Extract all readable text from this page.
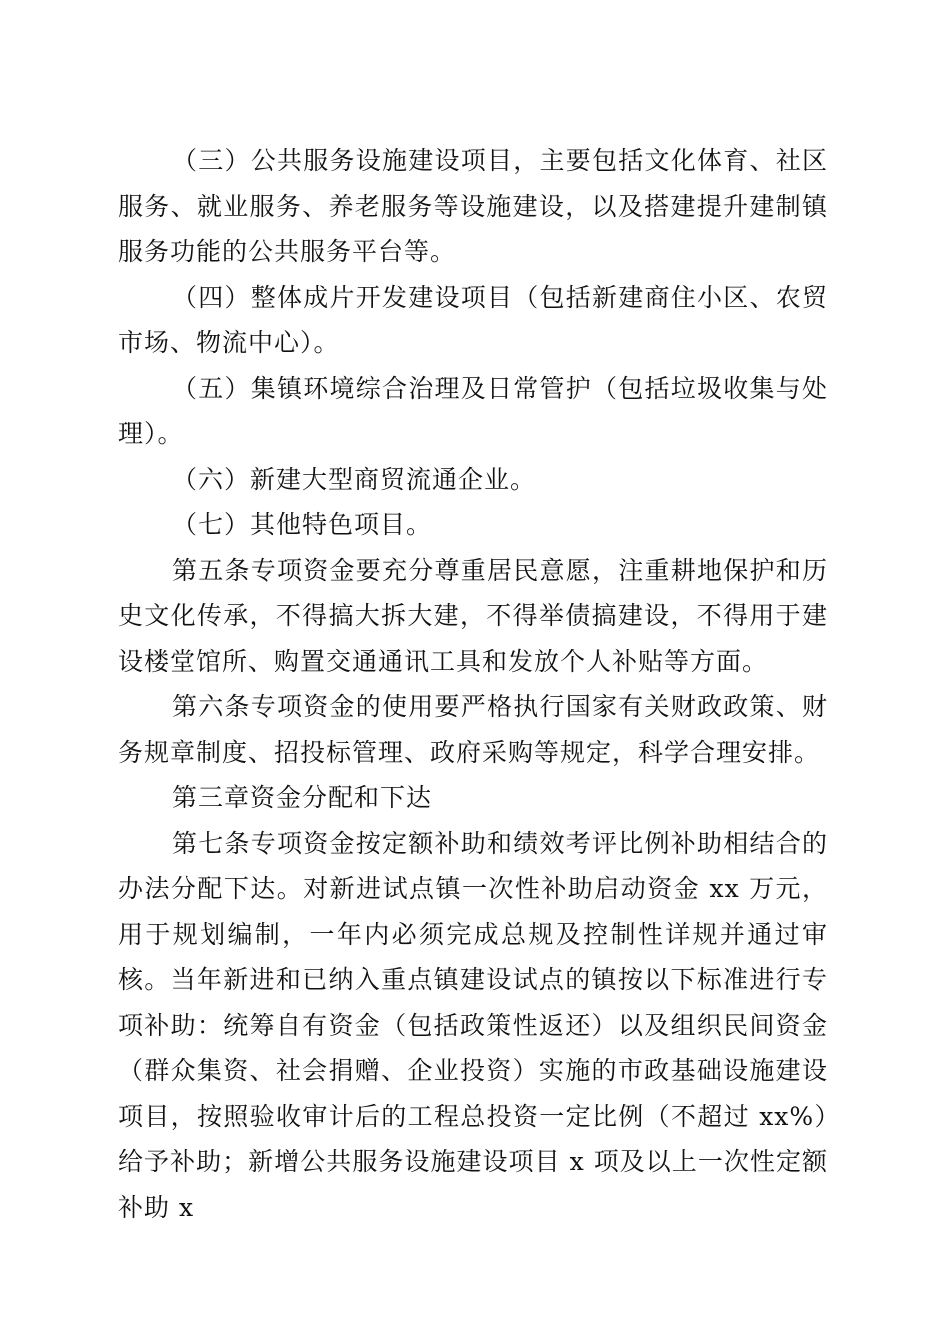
（三）公共服务设施建设项目，主要包括文化体育、社区服务、就业服务、养老服务等设施建设，以及搭建提升建制镇服务功能的公共服务平台等。

（四）整体成片开发建设项目（包括新建商住小区、农贸市场、物流中心）。

（五）集镇环境综合治理及日常管护（包括垃圾收集与处理）。

（六）新建大型商贸流通企业。

（七）其他特色项目。

第五条专项资金要充分尊重居民意愿，注重耕地保护和历史文化传承，不得搞大拆大建，不得举债搞建设，不得用于建设楼堂馆所、购置交通通讯工具和发放个人补贴等方面。

第六条专项资金的使用要严格执行国家有关财政政策、财务规章制度、招投标管理、政府采购等规定，科学合理安排。

第三章资金分配和下达

第七条专项资金按定额补助和绩效考评比例补助相结合的办法分配下达。对新进试点镇一次性补助启动资金 xx 万元，用于规划编制，一年内必须完成总规及控制性详规并通过审核。当年新进和已纳入重点镇建设试点的镇按以下标准进行专项补助：统筹自有资金（包括政策性返还）以及组织民间资金（群众集资、社会捐赠、企业投资）实施的市政基础设施建设项目，按照验收审计后的工程总投资一定比例（不超过 xx%）给予补助；新增公共服务设施建设项目 x 项及以上一次性定额补助 x
